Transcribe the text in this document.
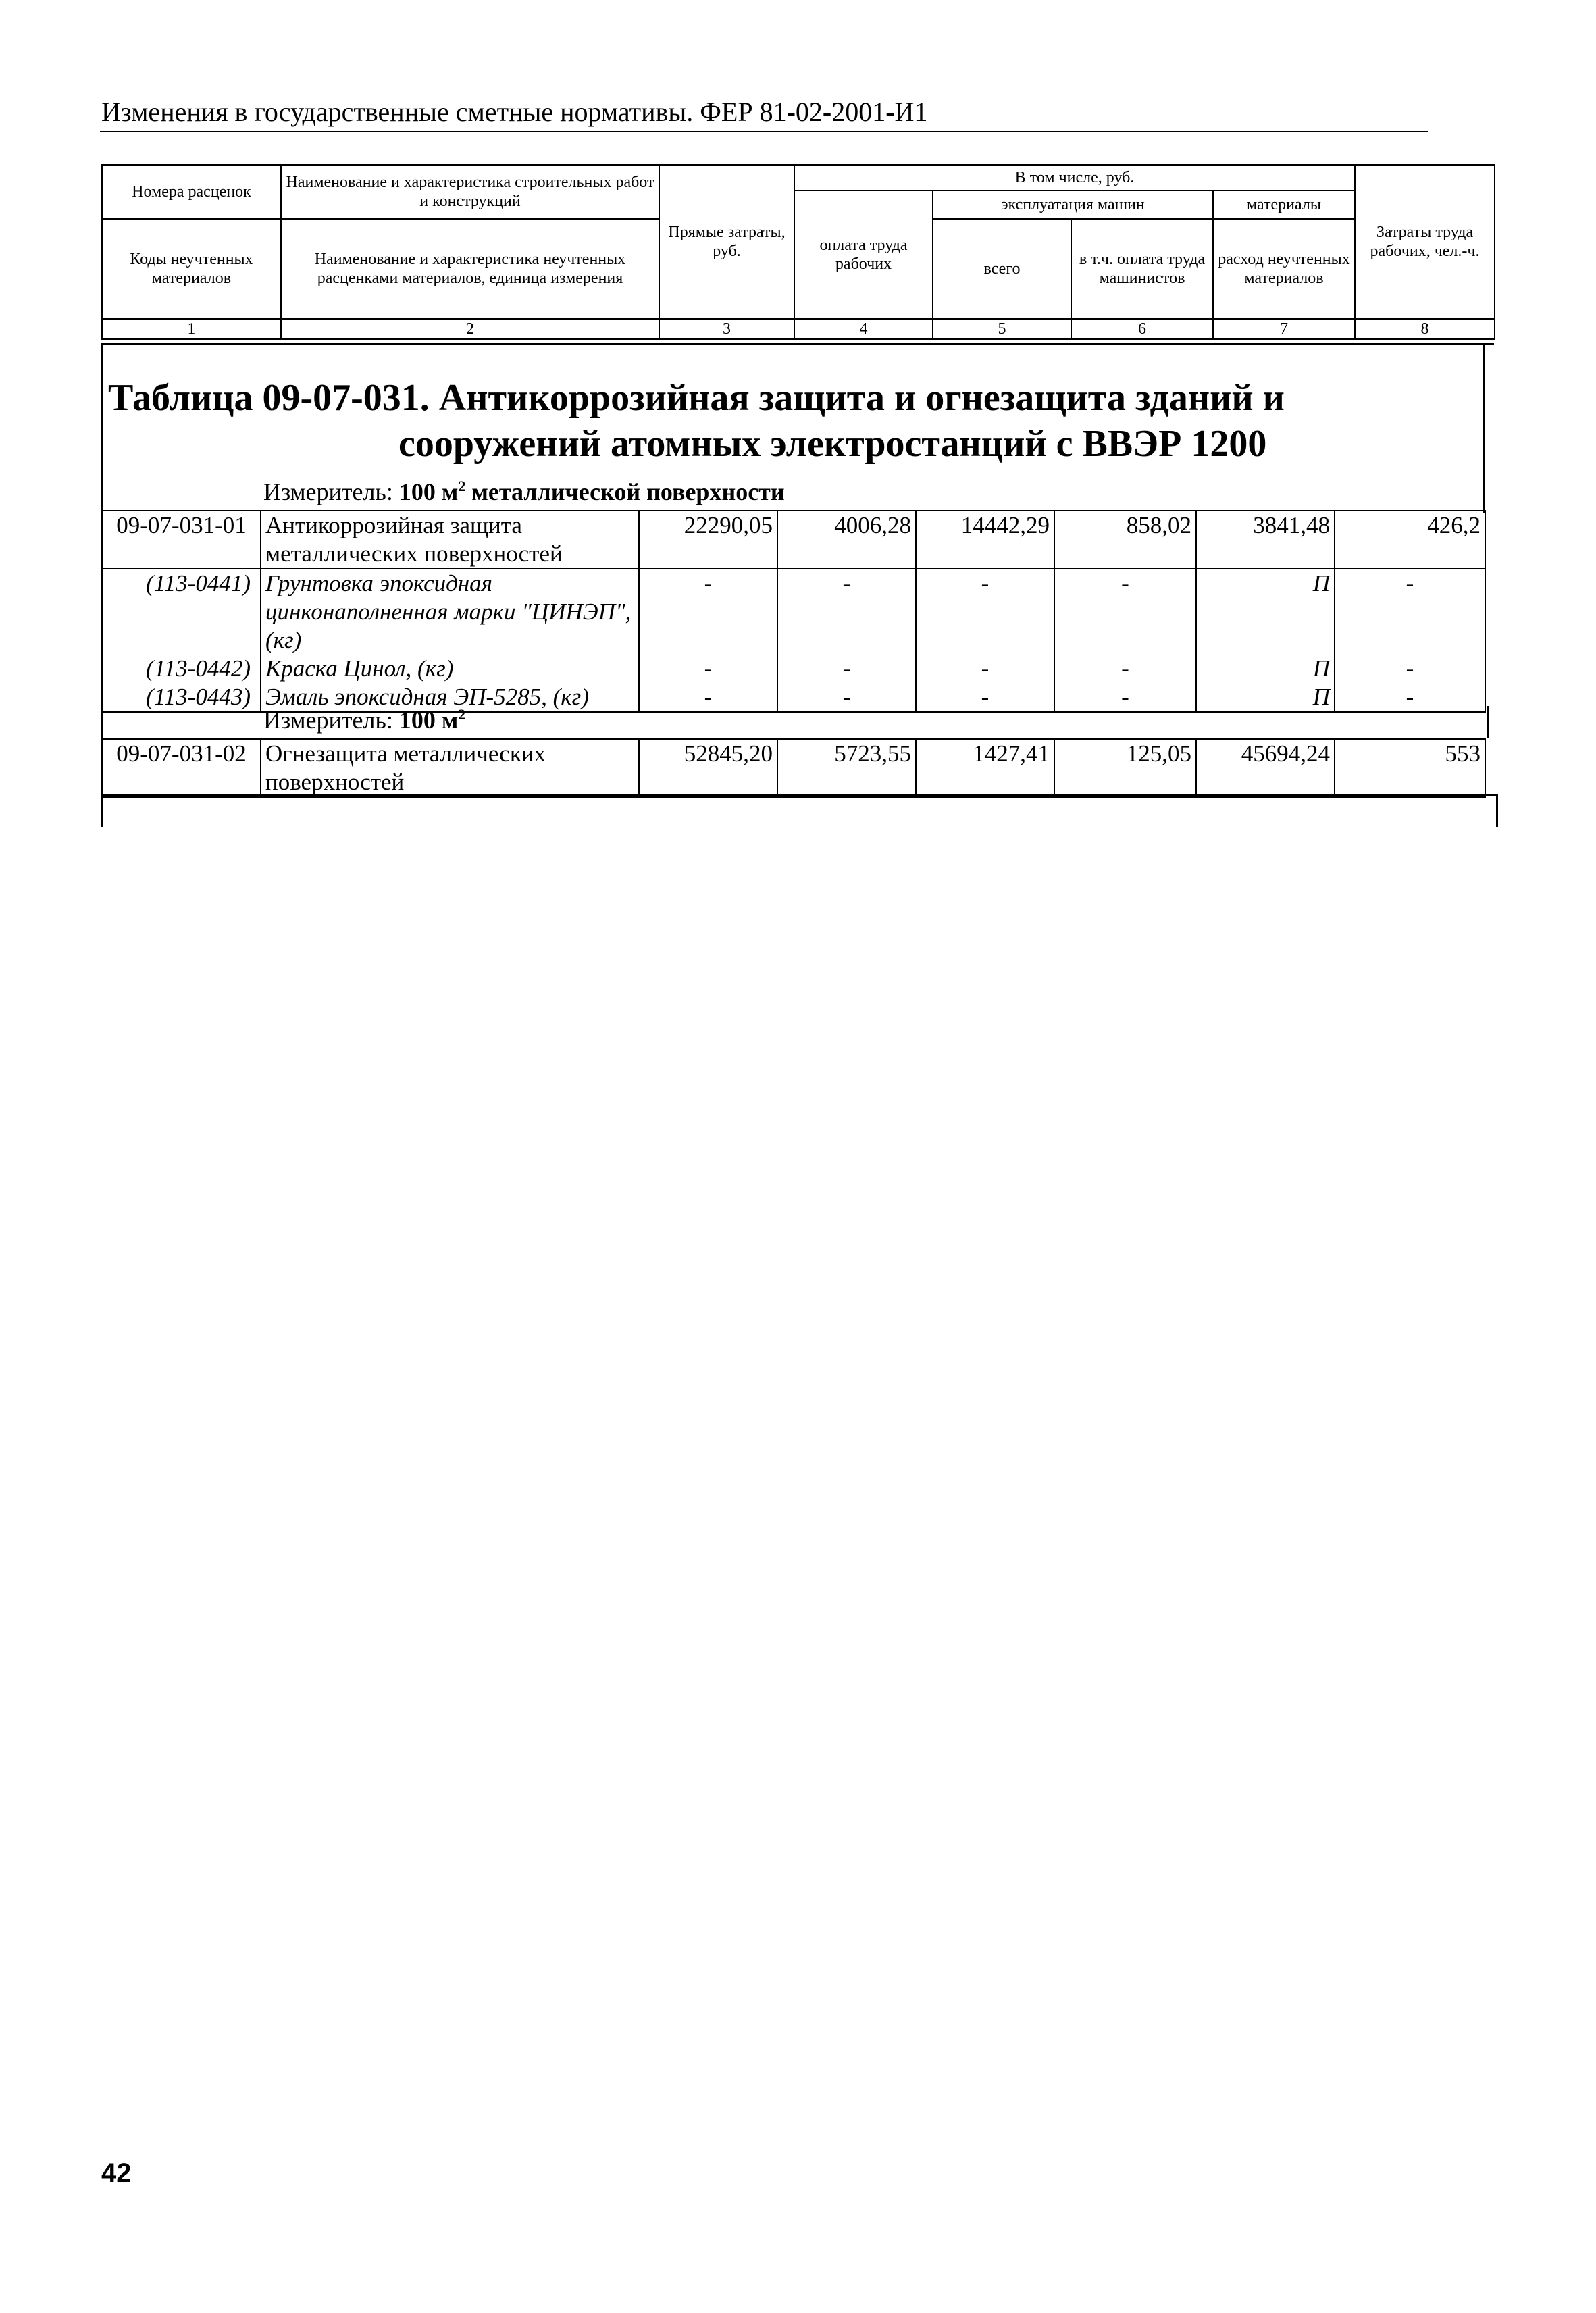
Изменения в государственные сметные нормативы. ФЕР 81-02-2001-И1
Номера расценок	Наименование и характеристика строительных работ и конструкций	Прямые затраты, руб.	В том числе, руб.				Затраты труда рабочих, чел.-ч.
			оплата труда рабочих	эксплуатация машин		материалы	
Коды неучтенных материалов	Наименование и характеристика неучтенных расценками материалов, единица измерения			всего	в т.ч. оплата труда машинистов	расход неучтенных материалов	

1	2	3	4	5	6	7	8
Таблица 09-07-031. Антикоррозийная защита и огнезащита зданий и
сооружений атомных электростанций с ВВЭР 1200
Измеритель: 100 $м^2$ металлической поверхности
09-07-031-01	Антикоррозийная защита металлических поверхностей	22290,05	4006,28	14442,29	858,02	3841,48	426,2
(113-0441)	Грунтовка эпоксидная цинконаполненная марки "ЦИНЭП", (кг)	-	-	-	-	П	-
(113-0442)	Краска Цинол, (кг)	-	-	-	-	П	-
(113-0443)	Эмаль эпоксидная ЭП-5285, (кг)	-	-	-	-	П	-
Измеритель: 100 $м^2$
09-07-031-02	Огнезащита металлических поверхностей	52845,20	5723,55	1427,41	125,05	45694,24	553
42
